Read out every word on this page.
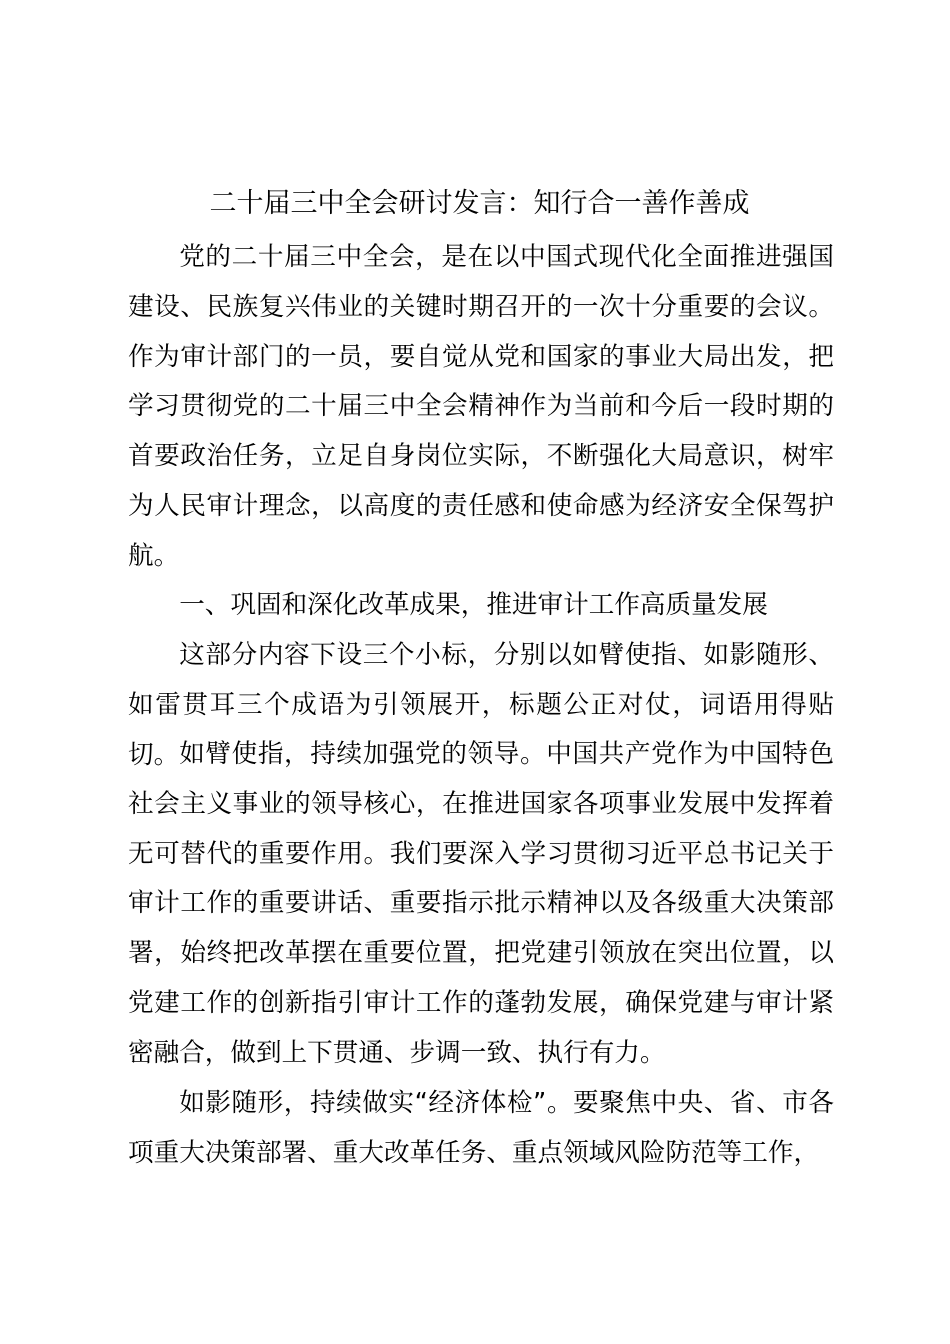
二十届三中全会研讨发言：知行合一善作善成

党的二十届三中全会，是在以中国式现代化全面推进强国建设、民族复兴伟业的关键时期召开的一次十分重要的会议。作为审计部门的一员，要自觉从党和国家的事业大局出发，把学习贯彻党的二十届三中全会精神作为当前和今后一段时期的首要政治任务，立足自身岗位实际，不断强化大局意识，树牢为人民审计理念，以高度的责任感和使命感为经济安全保驾护航。

一、巩固和深化改革成果，推进审计工作高质量发展

这部分内容下设三个小标，分别以如臂使指、如影随形、如雷贯耳三个成语为引领展开，标题公正对仗，词语用得贴切。 如臂使指，持续加强党的领导。中国共产党作为中国特色社会主义事业的领导核心，在推进国家各项事业发展中发挥着无可替代的重要作用。我们要深入学习贯彻习近平总书记关于审计工作的重要讲话、重要指示批示精神以及各级重大决策部署，始终把改革摆在重要位置，把党建引领放在突出位置，以党建工作的创新指引审计工作的蓬勃发展，确保党建与审计紧密融合，做到上下贯通、步调一致、执行有力。

如影随形，持续做实“经济体检”。要聚焦中央、省、市各项重大决策部署、重大改革任务、重点领域风险防范等工作，
